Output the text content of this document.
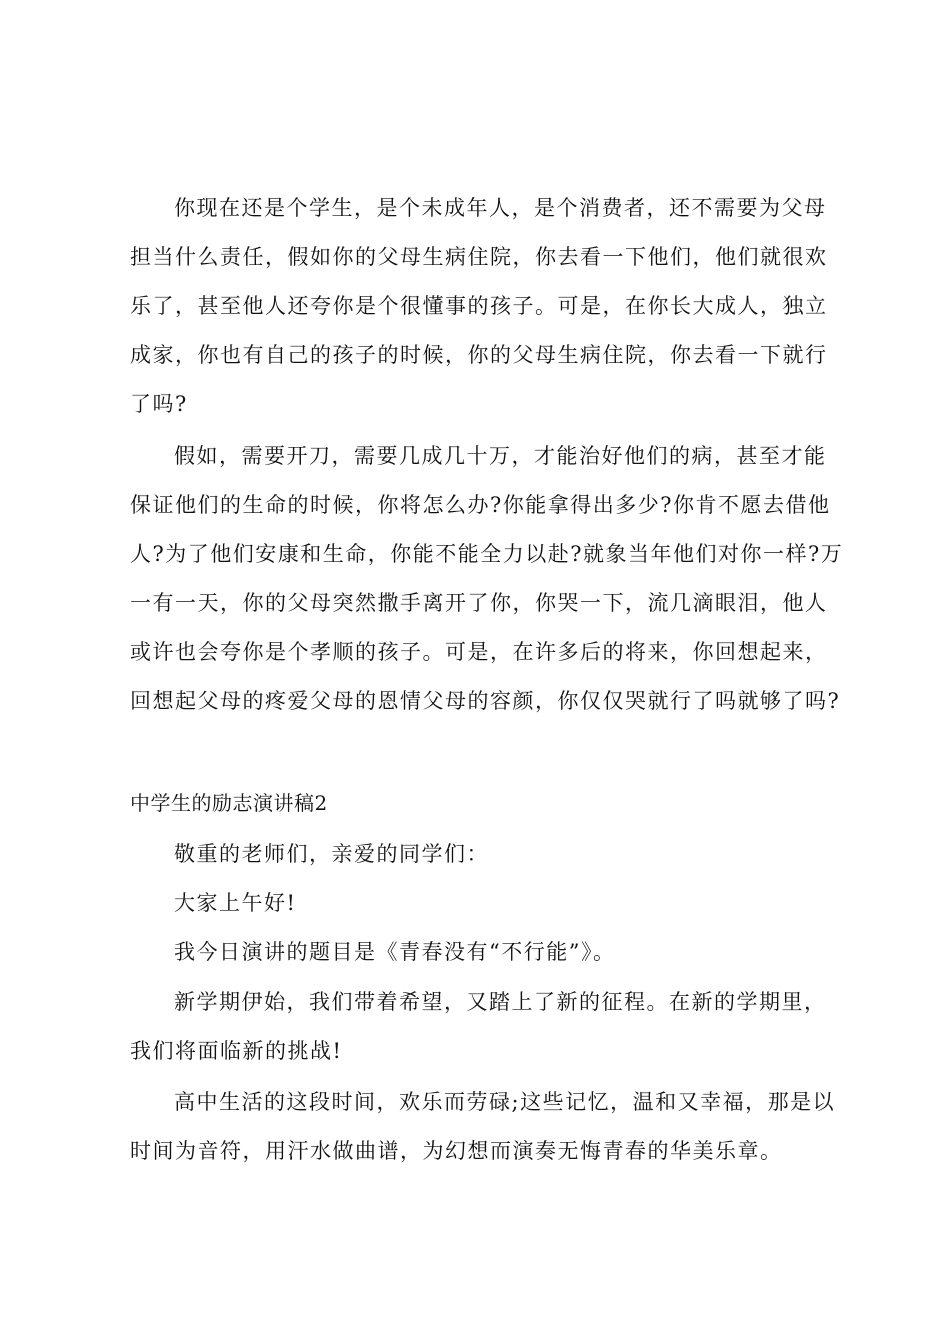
你现在还是个学生，是个未成年人，是个消费者，还不需要为父母
担当什么责任，假如你的父母生病住院，你去看一下他们，他们就很欢
乐了，甚至他人还夸你是个很懂事的孩子。可是，在你长大成人，独立
成家，你也有自己的孩子的时候，你的父母生病住院，你去看一下就行
了吗?
假如，需要开刀，需要几成几十万，才能治好他们的病，甚至才能
保证他们的生命的时候，你将怎么办?你能拿得出多少?你肯不愿去借他
人?为了他们安康和生命，你能不能全力以赴?就象当年他们对你一样?万
一有一天，你的父母突然撒手离开了你，你哭一下，流几滴眼泪，他人
或许也会夸你是个孝顺的孩子。可是，在许多后的将来，你回想起来，
回想起父母的疼爱父母的恩情父母的容颜，你仅仅哭就行了吗就够了吗?
中学生的励志演讲稿2
敬重的老师们，亲爱的同学们：
大家上午好!
我今日演讲的题目是《青春没有“不行能”》。
新学期伊始，我们带着希望，又踏上了新的征程。在新的学期里，
我们将面临新的挑战!
高中生活的这段时间，欢乐而劳碌;这些记忆，温和又幸福，那是以
时间为音符，用汗水做曲谱，为幻想而演奏无悔青春的华美乐章。
